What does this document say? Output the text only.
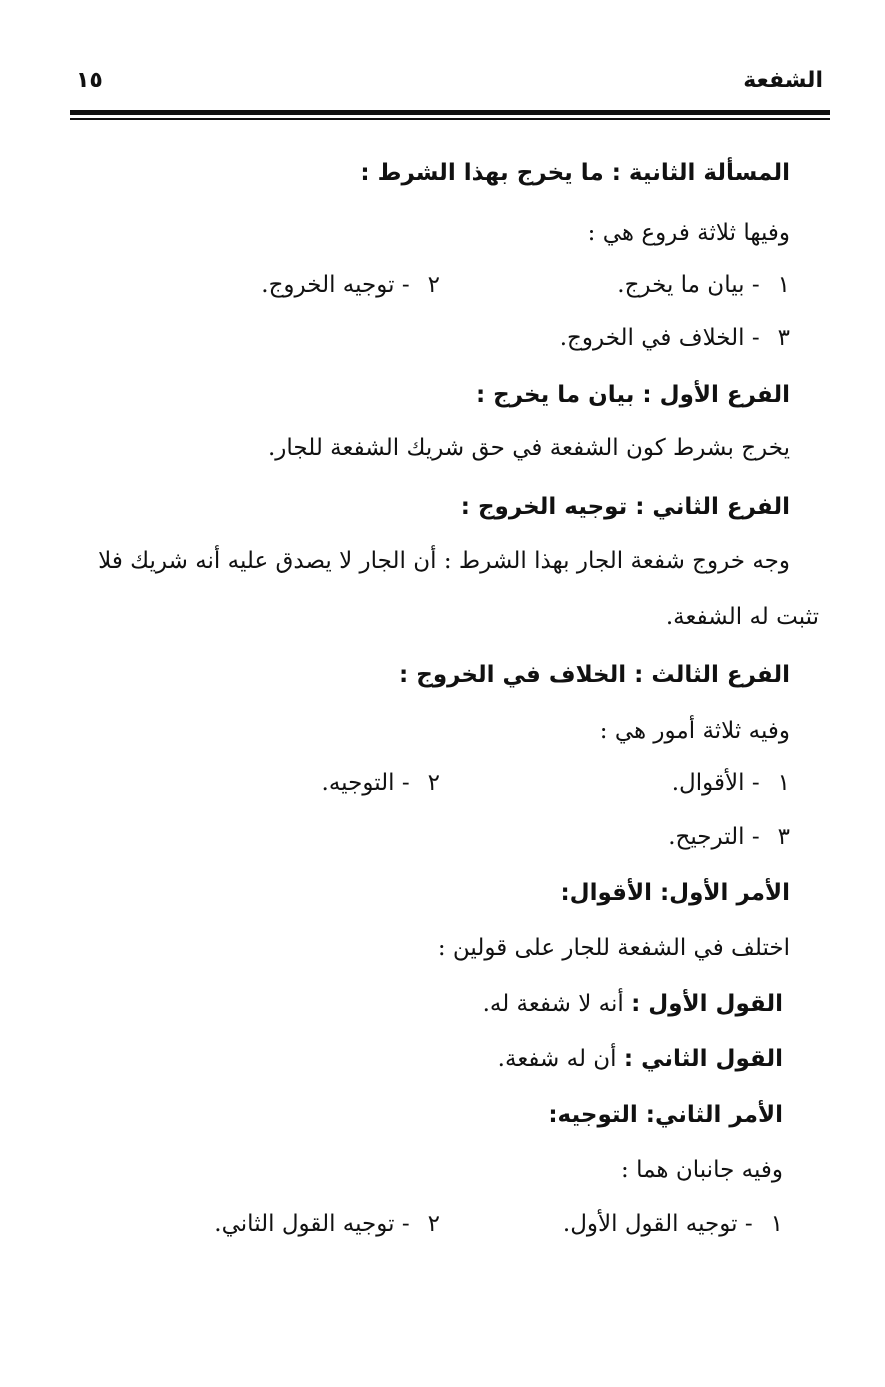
الشفعة
١٥
المسألة الثانية : ما يخرج بهذا الشرط :
وفيها ثلاثة فروع هي :
١- بيان ما يخرج.
٢- توجيه الخروج.
٣- الخلاف في الخروج.
الفرع الأول : بيان ما يخرج :
يخرج بشرط كون الشفعة في حق شريك الشفعة للجار.
الفرع الثاني : توجيه الخروج :
وجه خروج شفعة الجار بهذا الشرط : أن الجار لا يصدق عليه أنه شريك فلا
تثبت له الشفعة.
الفرع الثالث : الخلاف في الخروج :
وفيه ثلاثة أمور هي :
١- الأقوال.
٢- التوجيه.
٣- الترجيح.
الأمر الأول: الأقوال:
اختلف في الشفعة للجار على قولين :
القول الأول : أنه لا شفعة له.
القول الثاني : أن له شفعة.
الأمر الثاني: التوجيه:
وفيه جانبان هما :
١- توجيه القول الأول.
٢- توجيه القول الثاني.
